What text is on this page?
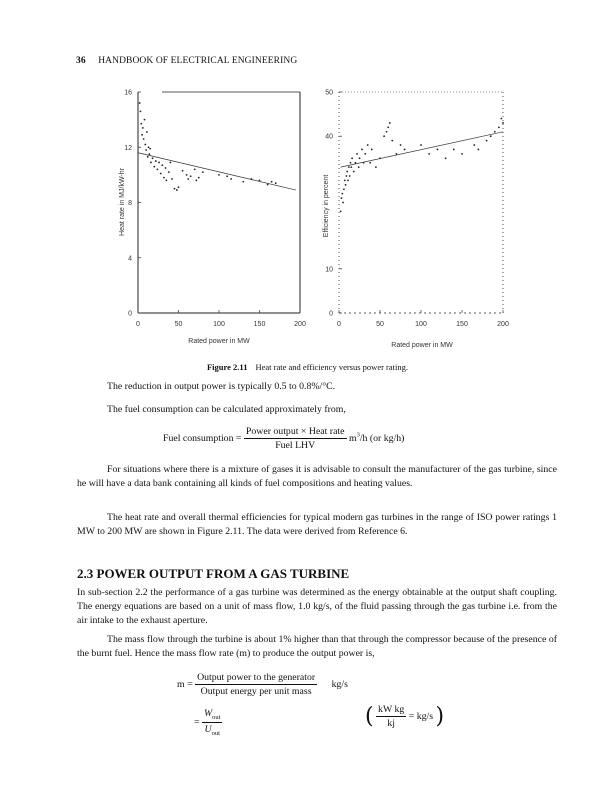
36 HANDBOOK OF ELECTRICAL ENGINEERING
0	50	100	150	200
0
4
8
12
16
Rated power in MW
Heat rate in MJ/kW-hr
0	50	100	150	200
0
10
40
50
Rated power in MW
Efficiency in percent
Figure 2.11 Heat rate and efficiency versus power rating.
The reduction in output power is typically 0.5 to 0.8%/°C.
The fuel consumption can be calculated approximately from,
Fuel consumption = $\frac{\text{Power output × Heat rate}}{\text{Fuel LHV}} m^3/h$ (or kg/h)
For situations where there is a mixture of gases it is advisable to consult the manufacturer of the gas turbine, since he will have a data bank containing all kinds of fuel compositions and heating values.
The heat rate and overall thermal efficiencies for typical modern gas turbines in the range of ISO power ratings 1 MW to 200 MW are shown in Figure 2.11. The data were derived from Reference 6.
2.3 POWER OUTPUT FROM A GAS TURBINE
In sub-section 2.2 the performance of a gas turbine was determined as the energy obtainable at the output shaft coupling. The energy equations are based on a unit of mass flow, 1.0 kg/s, of the fluid passing through the gas turbine i.e. from the air intake to the exhaust aperture.
The mass flow through the turbine is about 1% higher than that through the compressor because of the presence of the burnt fuel. Hence the mass flow rate (m) to produce the output power is,
$m = \frac{\text{Output power to the generator}}{\text{Output energy per unit mass}} kg/s$
= $\frac{W_{out}}{U_{out}}$	( $\frac{\text{kW kg}}{kj} = kg/s$ )
